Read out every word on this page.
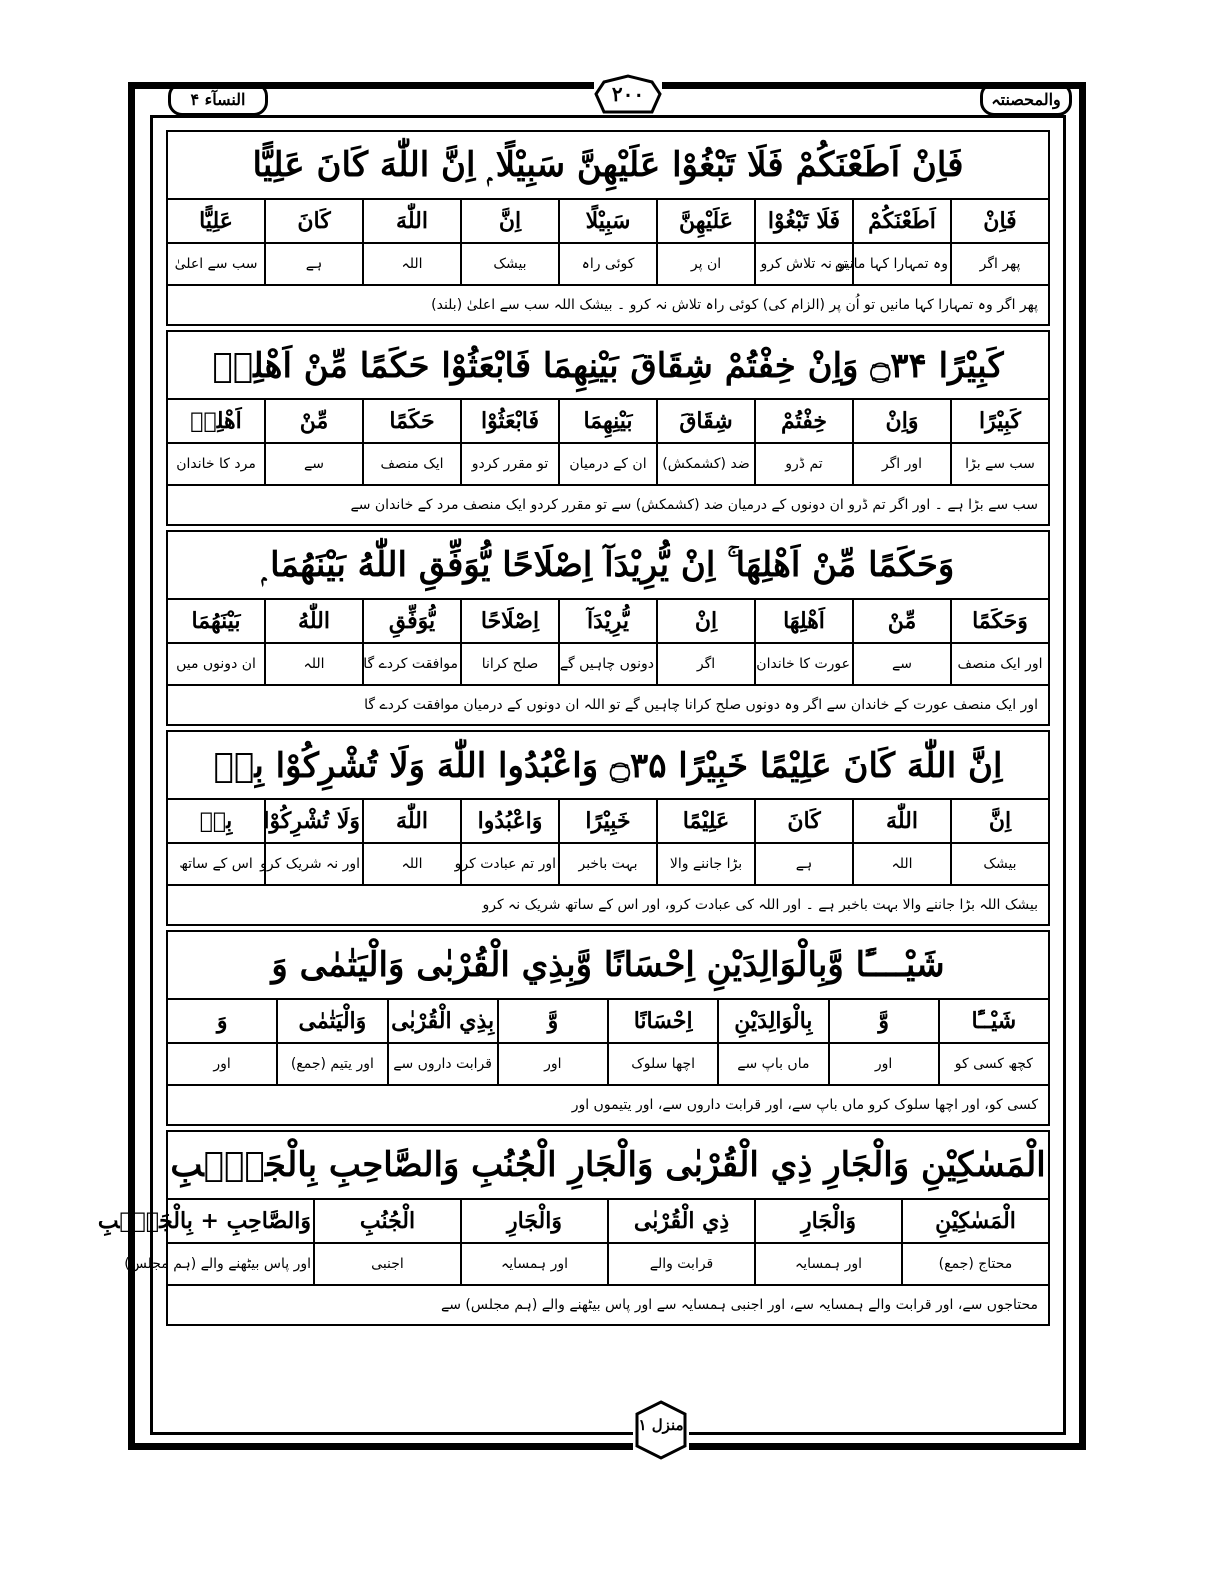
النسآء ۴	والمحصنتہ
۲۰۰
فَاِنْ اَطَعْنَكُمْ فَلَا تَبْغُوْا عَلَيْهِنَّ سَبِيْلًا ۭ اِنَّ اللّٰهَ كَانَ عَلِيًّا
فَاِنْ	اَطَعْنَكُمْ	فَلَا تَبْغُوْا	عَلَيْهِنَّ	سَبِيْلًا	اِنَّ	اللّٰهَ	كَانَ	عَلِيًّا
پھر اگر	وہ تمہارا کہا مانیں	تو نہ تلاش کرو	ان پر	کوئی راہ	بیشک	اللہ	ہے	سب سے اعلیٰ
پھر اگر وہ تمہارا کہا مانیں تو اُن پر (الزام کی) کوئی راہ تلاش نہ کرو ۔ بیشک اللہ سب سے اعلیٰ (بلند)
كَبِيْرًا ۝۳۴ وَاِنْ خِفْتُمْ شِقَاقَ بَيْنِهِمَا فَابْعَثُوْا حَكَمًا مِّنْ اَهْلِهٖ
كَبِيْرًا	وَاِنْ	خِفْتُمْ	شِقَاقَ	بَيْنِهِمَا	فَابْعَثُوْا	حَكَمًا	مِّنْ	اَهْلِهٖ
سب سے بڑا	اور اگر	تم ڈرو	ضد (کشمکش)	ان کے درمیان	تو مقرر کردو	ایک منصف	سے	مرد کا خاندان
سب سے بڑا ہے ۔ اور اگر تم ڈرو ان دونوں کے درمیان ضد (کشمکش) سے تو مقرر کردو ایک منصف مرد کے خاندان سے
وَحَكَمًا مِّنْ اَهْلِهَا ۚ اِنْ يُّرِيْدَآ اِصْلَاحًا يُّوَفِّقِ اللّٰهُ بَيْنَهُمَا ۭ
وَحَكَمًا	مِّنْ	اَهْلِهَا	اِنْ	يُّرِيْدَآ	اِصْلَاحًا	يُّوَفِّقِ	اللّٰهُ	بَيْنَهُمَا
اور ایک منصف	سے	عورت کا خاندان	اگر	دونوں چاہیں گے	صلح کرانا	موافقت کردے گا	اللہ	ان دونوں میں
اور ایک منصف عورت کے خاندان سے اگر وہ دونوں صلح کرانا چاہیں گے تو اللہ ان دونوں کے درمیان موافقت کردے گا
اِنَّ اللّٰهَ كَانَ عَلِيْمًا خَبِيْرًا ۝۳۵ وَاعْبُدُوا اللّٰهَ وَلَا تُشْرِكُوْا بِهٖ
اِنَّ	اللّٰهَ	كَانَ	عَلِيْمًا	خَبِيْرًا	وَاعْبُدُوا	اللّٰهَ	وَلَا تُشْرِكُوْا	بِهٖ
بیشک	اللہ	ہے	بڑا جاننے والا	بہت باخبر	اور تم عبادت کرو	اللہ	اور نہ شریک کرو	اس کے ساتھ
بیشک اللہ بڑا جاننے والا بہت باخبر ہے ۔ اور اللہ کی عبادت کرو، اور اس کے ساتھ شریک نہ کرو
شَيْــــًٔا وَّبِالْوَالِدَيْنِ اِحْسَانًا وَّبِذِي الْقُرْبٰى وَالْيَتٰمٰى وَ
شَيْــًٔا	وَّ	بِالْوَالِدَيْنِ	اِحْسَانًا	وَّ	بِذِي الْقُرْبٰى	وَالْيَتٰمٰى	وَ
کچھ کسی کو	اور	ماں باپ سے	اچھا سلوک	اور	قرابت داروں سے	اور یتیم (جمع)	اور
کسی کو، اور اچھا سلوک کرو ماں باپ سے، اور قرابت داروں سے، اور یتیموں اور
الْمَسٰكِيْنِ وَالْجَارِ ذِي الْقُرْبٰى وَالْجَارِ الْجُنُبِ وَالصَّاحِبِ بِالْجَنْۢبِ
الْمَسٰكِيْنِ	وَالْجَارِ	ذِي الْقُرْبٰى	وَالْجَارِ	الْجُنُبِ	وَالصَّاحِبِ + بِالْجَنْۢبِ
محتاج (جمع)	اور ہمسایہ	قرابت والے	اور ہمسایہ	اجنبی	اور پاس بیٹھنے والے (ہم مجلس)
محتاجوں سے، اور قرابت والے ہمسایہ سے، اور اجنبی ہمسایہ سے اور پاس بیٹھنے والے (ہم مجلس) سے
منزل ۱
